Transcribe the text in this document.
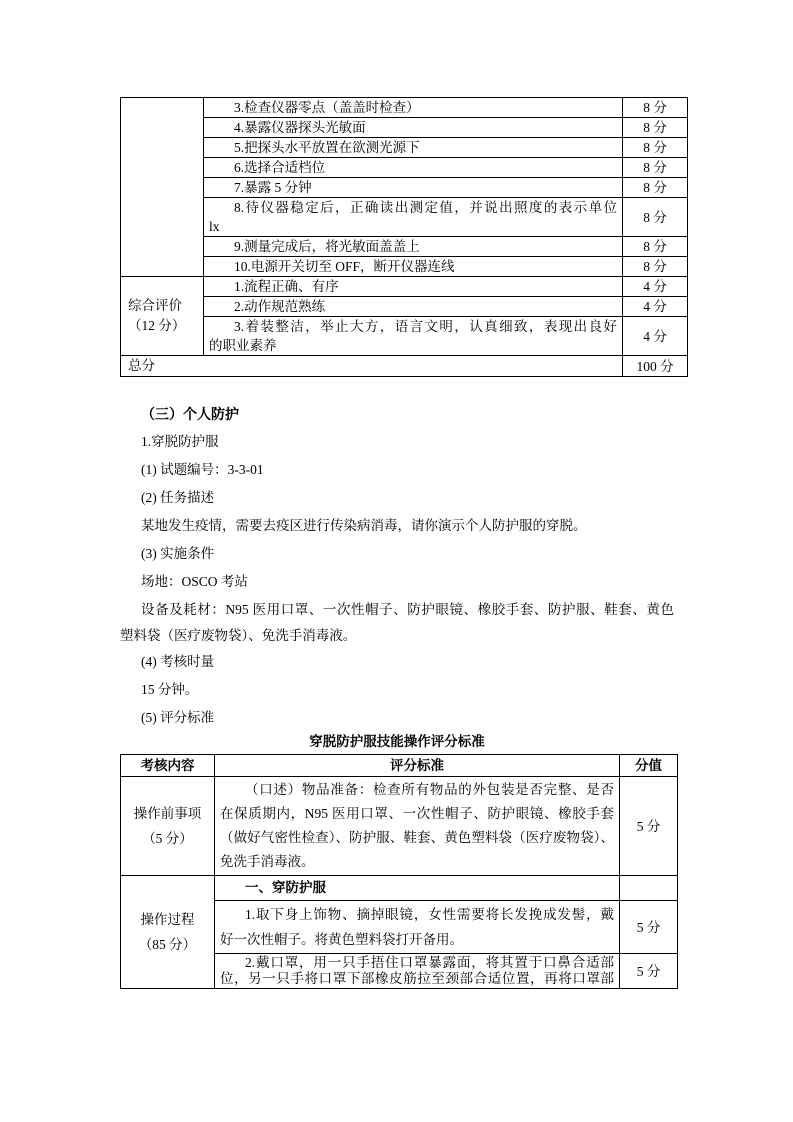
	3.检查仪器零点（盖盖时检查）	8 分

	4.暴露仪器探头光敏面	8 分

	5.把探头水平放置在欲测光源下	8 分

	6.选择合适档位	8 分

	7.暴露 5 分钟	8 分

	8.待仪器稳定后，正确读出测定值，并说出照度的表示单位
lx	8 分

	9.测量完成后，将光敏面盖盖上	8 分

	10.电源开关切至 OFF，断开仪器连线	8 分

综合评价
（12 分）	1.流程正确、有序	4 分

	2.动作规范熟练	4 分

	3.着装整洁，举止大方，语言文明，认真细致，表现出良好
的职业素养	4 分
总分		100 分
（三）个人防护
1.穿脱防护服
(1) 试题编号：3-3-01
(2) 任务描述
某地发生疫情，需要去疫区进行传染病消毒，请你演示个人防护服的穿脱。
(3) 实施条件
场地：OSCO 考站
设备及耗材：N95 医用口罩、一次性帽子、防护眼镜、橡胶手套、防护服、鞋套、黄色
塑料袋（医疗废物袋）、免洗手消毒液。
(4) 考核时量
15 分钟。
(5) 评分标准
穿脱防护服技能操作评分标准
考核内容	评分标准	分值

操作前事项
（5 分）

（口述）物品准备：检查所有物品的外包装是否完整、是否
在保质期内，N95 医用口罩、一次性帽子、防护眼镜、橡胶手套
（做好气密性检查）、防护服、鞋套、黄色塑料袋（医疗废物袋）、
免洗手消毒液。
	5 分

操作过程
（85 分）	一、穿防护服	

	1.取下身上饰物、摘掉眼镜，女性需要将长发挽成发髻，戴
好一次性帽子。将黄色塑料袋打开备用。	5 分

	2.戴口罩，用一只手捂住口罩暴露面，将其置于口鼻合适部
位，另一只手将口罩下部橡皮筋拉至颈部合适位置，再将口罩部	5 分
